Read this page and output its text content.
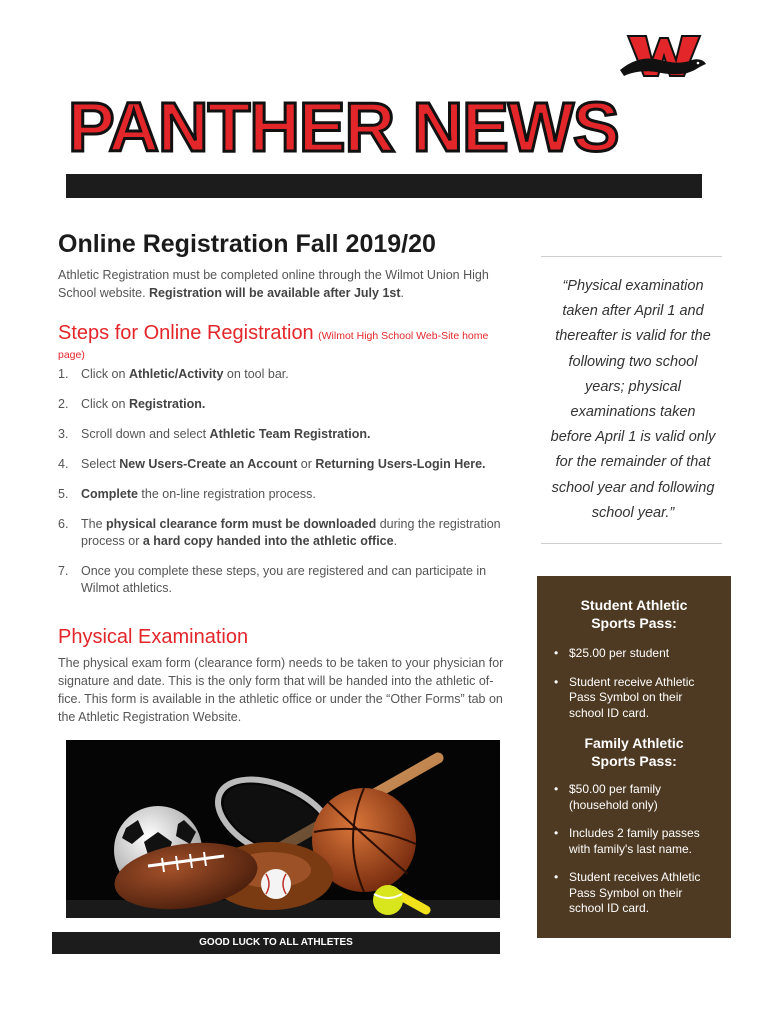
PANTHER NEWS
Online Registration Fall 2019/20
Athletic Registration must be completed online through the Wilmot Union High School website. Registration will be available after July 1st.
Steps for Online Registration (Wilmot High School Web-Site home page)
1. Click on Athletic/Activity on tool bar.
2. Click on Registration.
3. Scroll down and select Athletic Team Registration.
4. Select New Users-Create an Account or Returning Users-Login Here.
5. Complete the on-line registration process.
6. The physical clearance form must be downloaded during the registration process or a hard copy handed into the athletic office.
7. Once you complete these steps, you are registered and can participate in Wilmot athletics.
Physical Examination
The physical exam form (clearance form) needs to be taken to your physician for signature and date. This is the only form that will be handed into the athletic of-fice. This form is available in the athletic office or under the “Other Forms” tab on the Athletic Registration Website.
GOOD LUCK TO ALL ATHLETES
“Physical examination taken after April 1 and thereafter is valid for the following two school years; physical examinations taken before April 1 is valid only for the remainder of that school year and following school year.”
Student Athletic Sports Pass:
• $25.00 per student
• Student receive Athletic Pass Symbol on their school ID card.
Family Athletic Sports Pass:
• $50.00 per family (household only)
• Includes 2 family passes with family's last name.
• Student receives Athletic Pass Symbol on their school ID card.
